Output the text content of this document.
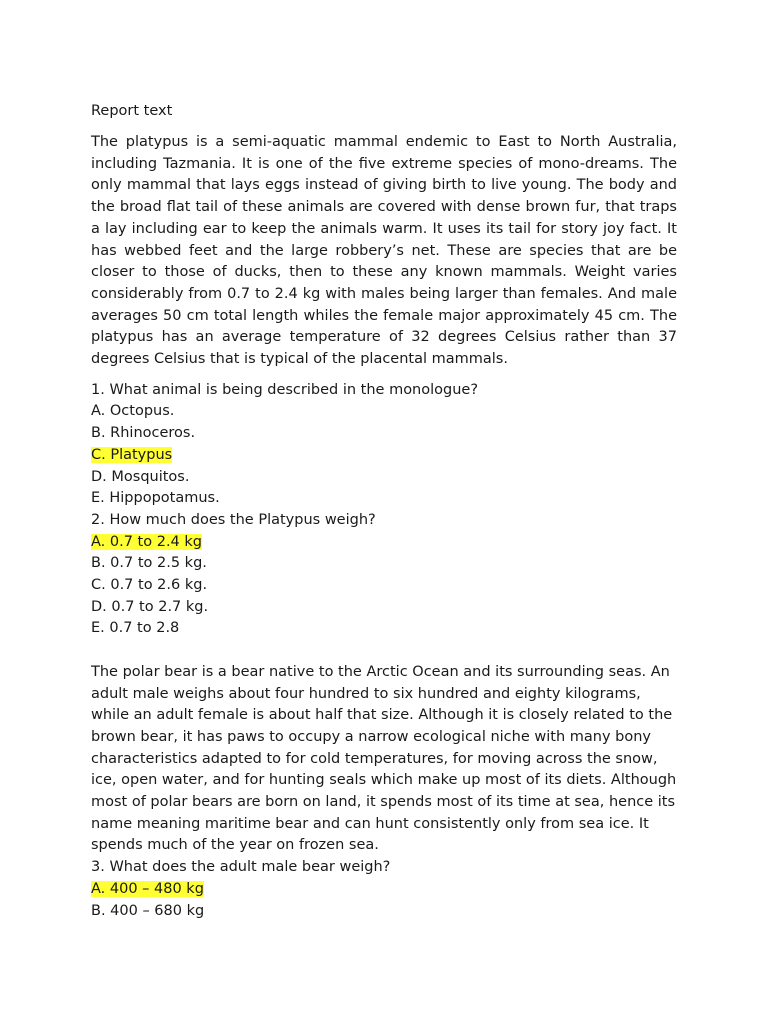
Report text
The platypus is a semi-aquatic mammal endemic to East to North Australia, including Tazmania. It is one of the five extreme species of mono-dreams. The only mammal that lays eggs instead of giving birth to live young. The body and the broad flat tail of these animals are covered with dense brown fur, that traps a lay including ear to keep the animals warm. It uses its tail for story joy fact. It has webbed feet and the large robbery’s net. These are species that are be closer to those of ducks, then to these any known mammals. Weight varies considerably from 0.7 to 2.4 kg with males being larger than females. And male averages 50 cm total length whiles the female major approximately 45 cm. The platypus has an average temperature of 32 degrees Celsius rather than 37 degrees Celsius that is typical of the placental mammals.
1. What animal is being described in the monologue?
A. Octopus.
B. Rhinoceros.
C. Platypus
D. Mosquitos.
E. Hippopotamus.
2. How much does the Platypus weigh?
A. 0.7 to 2.4 kg
B. 0.7 to 2.5 kg.
C. 0.7 to 2.6 kg.
D. 0.7 to 2.7 kg.
E. 0.7 to 2.8
The polar bear is a bear native to the Arctic Ocean and its surrounding seas. An adult male weighs about four hundred to six hundred and eighty kilograms, while an adult female is about half that size. Although it is closely related to the brown bear, it has paws to occupy a narrow ecological niche with many bony characteristics adapted to for cold temperatures, for moving across the snow, ice, open water, and for hunting seals which make up most of its diets. Although most of polar bears are born on land, it spends most of its time at sea, hence its name meaning maritime bear and can hunt consistently only from sea ice. It spends much of the year on frozen sea.
3. What does the adult male bear weigh?
A. 400 – 480 kg
B. 400 – 680 kg
